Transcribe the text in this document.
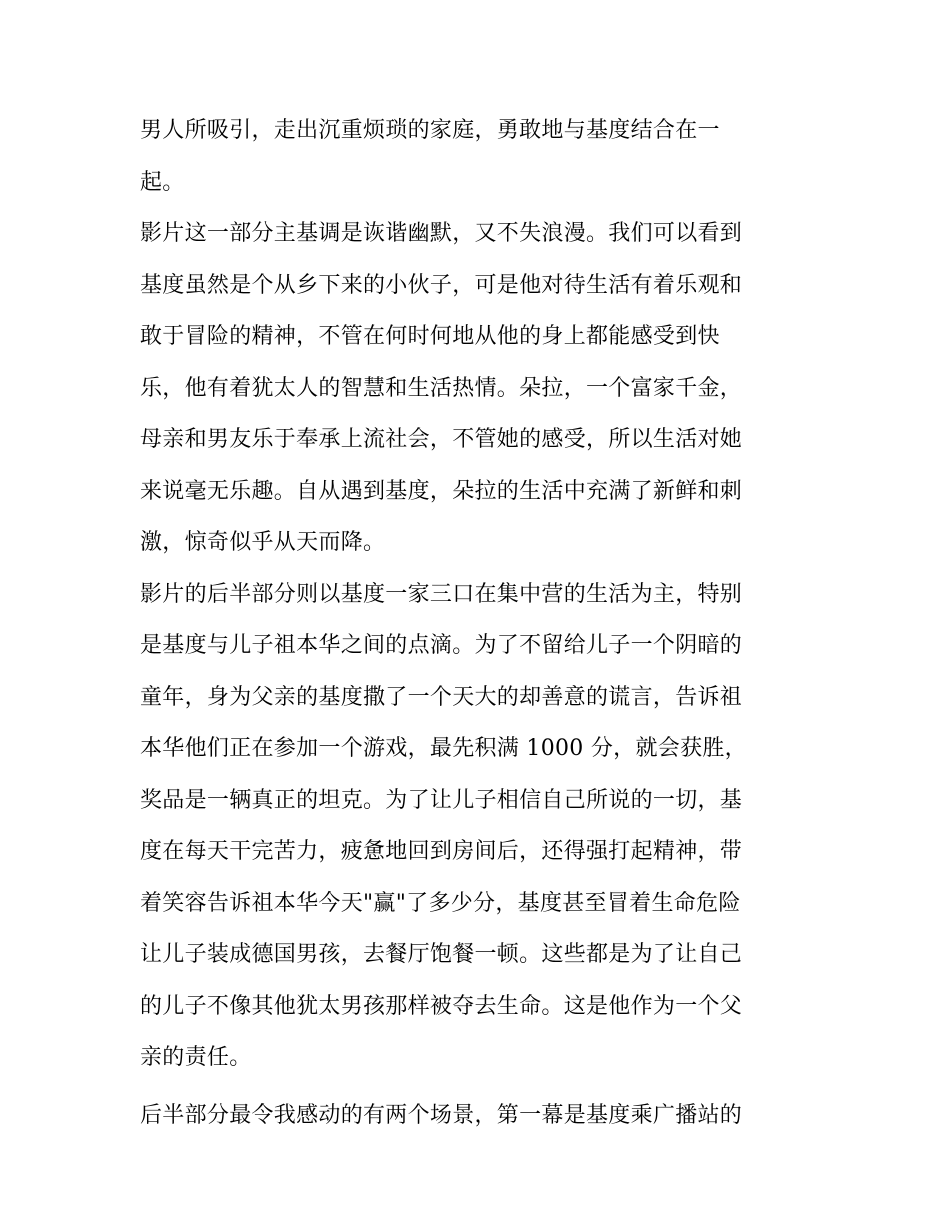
男人所吸引，走出沉重烦琐的家庭，勇敢地与基度结合在一
起。
影片这一部分主基调是诙谐幽默，又不失浪漫。我们可以看到
基度虽然是个从乡下来的小伙子，可是他对待生活有着乐观和
敢于冒险的精神，不管在何时何地从他的身上都能感受到快
乐，他有着犹太人的智慧和生活热情。朵拉，一个富家千金，
母亲和男友乐于奉承上流社会，不管她的感受，所以生活对她
来说毫无乐趣。自从遇到基度，朵拉的生活中充满了新鲜和刺
激，惊奇似乎从天而降。
影片的后半部分则以基度一家三口在集中营的生活为主，特别
是基度与儿子祖本华之间的点滴。为了不留给儿子一个阴暗的
童年，身为父亲的基度撒了一个天大的却善意的谎言，告诉祖
本华他们正在参加一个游戏，最先积满 1000 分，就会获胜，
奖品是一辆真正的坦克。为了让儿子相信自己所说的一切，基
度在每天干完苦力，疲惫地回到房间后，还得强打起精神，带
着笑容告诉祖本华今天"赢"了多少分，基度甚至冒着生命危险
让儿子装成德国男孩，去餐厅饱餐一顿。这些都是为了让自己
的儿子不像其他犹太男孩那样被夺去生命。这是他作为一个父
亲的责任。
后半部分最令我感动的有两个场景，第一幕是基度乘广播站的
